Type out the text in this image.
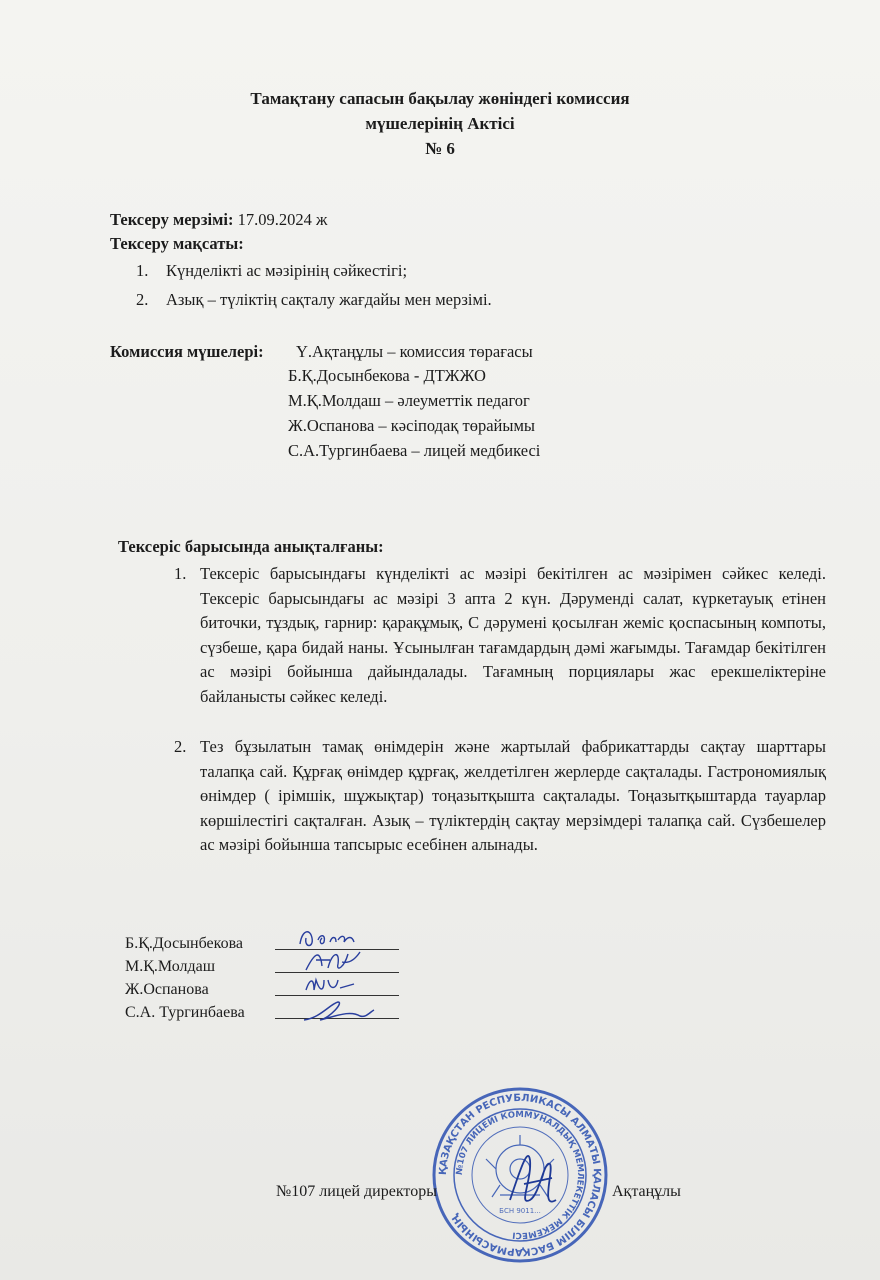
Тамақтану сапасын бақылау жөніндегі комиссия
мүшелерінің Актісі
№ 6
Тексеру мерзімі: 17.09.2024 ж
Тексеру мақсаты:
1. Күнделікті ас мәзірінің сәйкестігі;
2. Азық – түліктің сақталу жағдайы мен мерзімі.
Комиссия мүшелері: Ү.Ақтаңұлы – комиссия төрағасы
Б.Қ.Досынбекова - ДТЖЖО
М.Қ.Молдаш – әлеуметтік педагог
Ж.Оспанова – кәсіподақ төрайымы
С.А.Тургинбаева – лицей медбикесі
Тексеріс барысында анықталғаны:
1. Тексеріс барысындағы күнделікті ас мәзірі бекітілген ас мәзірімен сәйкес келеді. Тексеріс барысындағы ас мәзірі 3 апта 2 күн. Дәруменді салат, күркетауық етінен биточки, тұздық, гарнир: қарақұмық, С дәрумені қосылған жеміс қоспасының компоты, сүзбеше, қара бидай наны. Ұсынылған тағамдардың дәмі жағымды. Тағамдар бекітілген ас мәзірі бойынша дайындалады. Тағамның порциялары жас ерекшеліктеріне байланысты сәйкес келеді.
2. Тез бұзылатын тамақ өнімдерін және жартылай фабрикаттарды сақтау шарттары талапқа сай. Құрғақ өнімдер құрғақ, желдетілген жерлерде сақталады. Гастрономиялық өнімдер ( ірімшік, шұжықтар) тоңазытқышта сақталады. Тоңазытқыштарда тауарлар көршілестігі сақталған. Азық – түліктердің сақтау мерзімдері талапқа сай. Сүзбешелер ас мәзірі бойынша тапсырыс есебінен алынады.
Б.Қ.Досынбекова
М.Қ.Молдаш
Ж.Оспанова
С.А. Тургинбаева
ҚАЗАҚСТАН РЕСПУБЛИКАСЫ АЛМАТЫ ҚАЛАСЫ БІЛІМ БАСҚАРМАСЫНЫҢ
№107 ЛИЦЕЙІ КОММУНАЛДЫҚ МЕМЛЕКЕТТІК МЕКЕМЕСІ
БСН 9011...
№107 лицей директоры	Ақтаңұлы
